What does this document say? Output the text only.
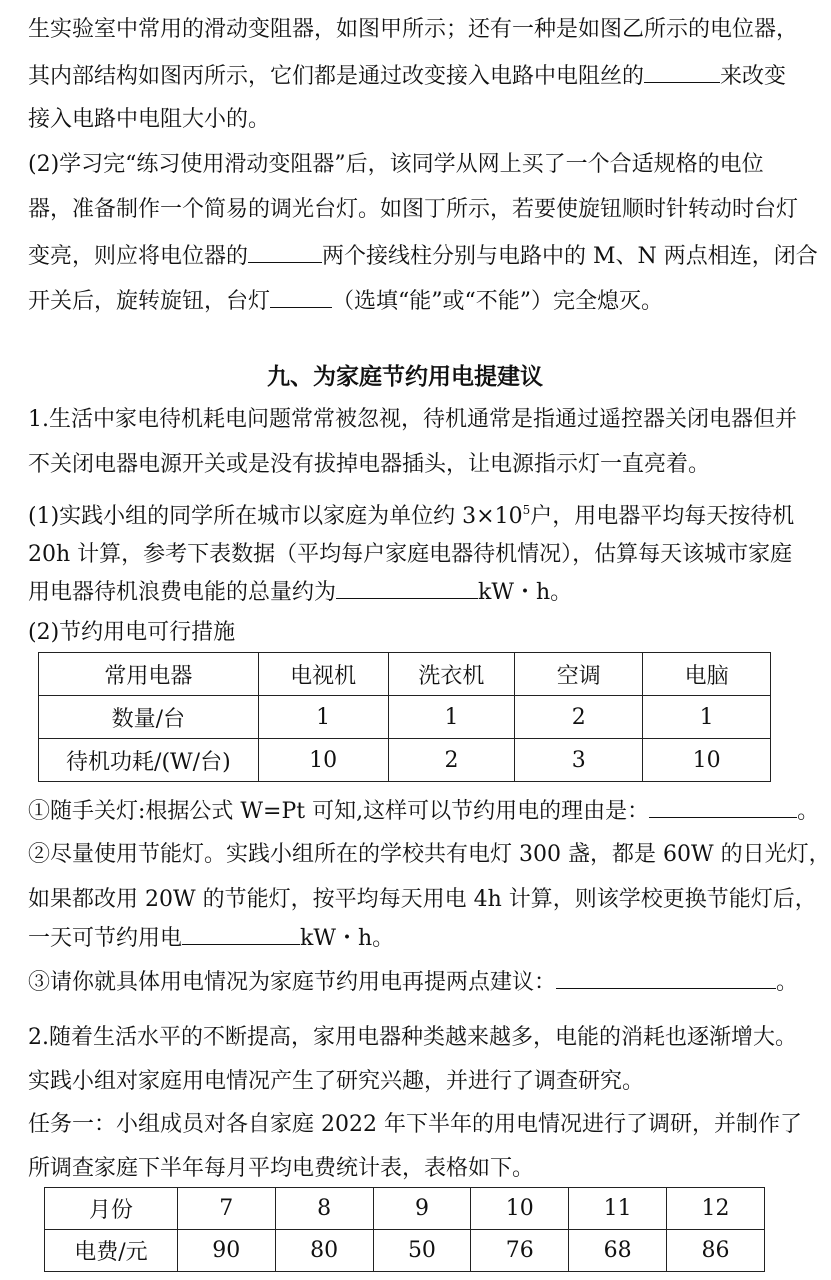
生实验室中常用的滑动变阻器，如图甲所示；还有一种是如图乙所示的电位器，
其内部结构如图丙所示，它们都是通过改变接入电路中电阻丝的	来改变
接入电路中电阻大小的。
(2)学习完“练习使用滑动变阻器”后，该同学从网上买了一个合适规格的电位
器，准备制作一个简易的调光台灯。如图丁所示，若要使旋钮顺时针转动时台灯
变亮，则应将电位器的	两个接线柱分别与电路中的 M、N 两点相连，闭合
开关后，旋转旋钮，台灯	（选填“能”或“不能”）完全熄灭。
九、为家庭节约用电提建议
1.生活中家电待机耗电问题常常被忽视，待机通常是指通过遥控器关闭电器但并
不关闭电器电源开关或是没有拔掉电器插头，让电源指示灯一直亮着。
(1)实践小组的同学所在城市以家庭为单位约 $3\times 10^5$户，用电器平均每天按待机
20h 计算，参考下表数据（平均每户家庭电器待机情况），估算每天该城市家庭
用电器待机浪费电能的总量约为	kW・h。
(2)节约用电可行措施
常用电器	电视机	洗衣机	空调	电脑
数量/台	1	1	2	1
待机功耗/(W/台)	10	2	3	10
①随手关灯:根据公式 W=Pt 可知,这样可以节约用电的理由是：	。
②尽量使用节能灯。实践小组所在的学校共有电灯 300 盏，都是 60W 的日光灯，
如果都改用 20W 的节能灯，按平均每天用电 4h 计算，则该学校更换节能灯后，
一天可节约用电	kW・h。
③请你就具体用电情况为家庭节约用电再提两点建议：	。
2.随着生活水平的不断提高，家用电器种类越来越多，电能的消耗也逐渐增大。
实践小组对家庭用电情况产生了研究兴趣，并进行了调查研究。
任务一：小组成员对各自家庭 2022 年下半年的用电情况进行了调研，并制作了
所调查家庭下半年每月平均电费统计表，表格如下。
月份	7	8	9	10	11	12
电费/元	90	80	50	76	68	86
